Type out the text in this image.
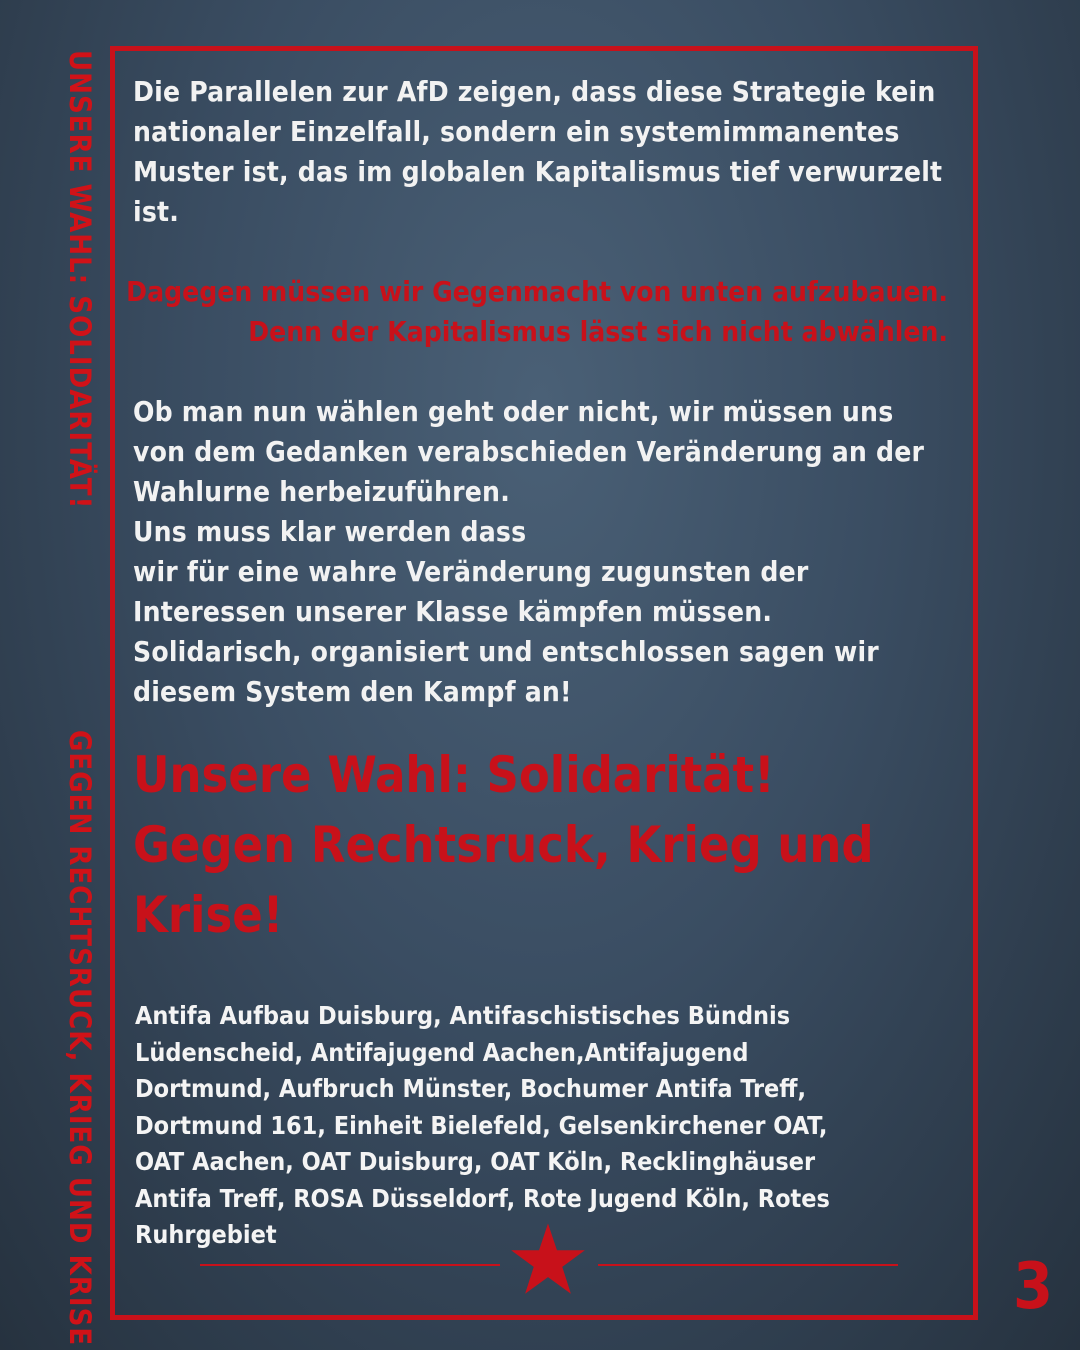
UNSERE WAHL: SOLIDARITÄT!
GEGEN RECHTSRUCK, KRIEG UND KRISE
Die Parallelen zur AfD zeigen, dass diese Strategie kein nationaler Einzelfall, sondern ein systemimmanentes Muster ist, das im globalen Kapitalismus tief verwurzelt ist.
Dagegen müssen wir Gegenmacht von unten aufzubauen.
Denn der Kapitalismus lässt sich nicht abwählen.
Ob man nun wählen geht oder nicht, wir müssen uns von dem Gedanken verabschieden Veränderung an der Wahlurne herbeizuführen.
Uns muss klar werden dass
wir für eine wahre Veränderung zugunsten der Interessen unserer Klasse kämpfen müssen.
Solidarisch, organisiert und entschlossen sagen wir diesem System den Kampf an!
Unsere Wahl: Solidarität!
Gegen Rechtsruck, Krieg und Krise!
Antifa Aufbau Duisburg, Antifaschistisches Bündnis Lüdenscheid, Antifajugend Aachen,Antifajugend Dortmund, Aufbruch Münster, Bochumer Antifa Treff, Dortmund 161, Einheit Bielefeld, Gelsenkirchener OAT, OAT Aachen, OAT Duisburg, OAT Köln, Recklinghäuser Antifa Treff, ROSA Düsseldorf, Rote Jugend Köln, Rotes Ruhrgebiet
3
